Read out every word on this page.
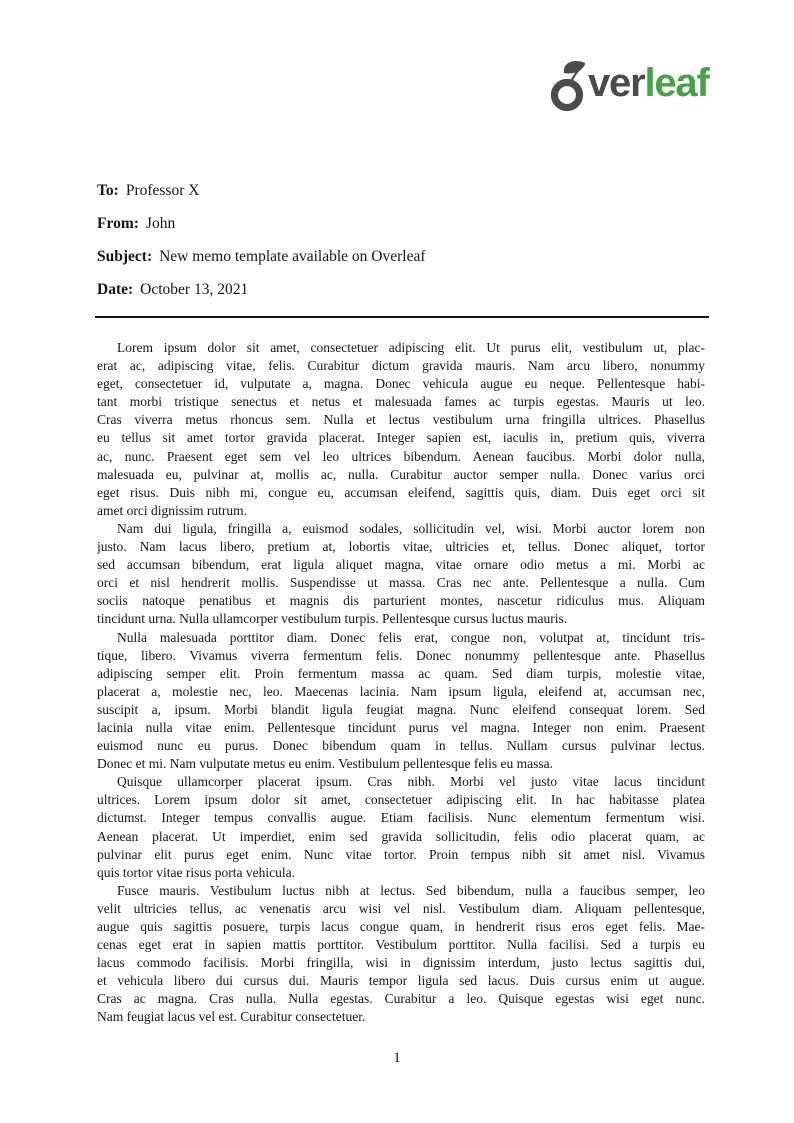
ver leaf
To: Professor X
From: John
Subject: New memo template available on Overleaf
Date: October 13, 2021
Lorem ipsum dolor sit amet, consectetuer adipiscing elit. Ut purus elit, vestibulum ut, plac-
erat ac, adipiscing vitae, felis. Curabitur dictum gravida mauris. Nam arcu libero, nonummy
eget, consectetuer id, vulputate a, magna. Donec vehicula augue eu neque. Pellentesque habi-
tant morbi tristique senectus et netus et malesuada fames ac turpis egestas. Mauris ut leo.
Cras viverra metus rhoncus sem. Nulla et lectus vestibulum urna fringilla ultrices. Phasellus
eu tellus sit amet tortor gravida placerat. Integer sapien est, iaculis in, pretium quis, viverra
ac, nunc. Praesent eget sem vel leo ultrices bibendum. Aenean faucibus. Morbi dolor nulla,
malesuada eu, pulvinar at, mollis ac, nulla. Curabitur auctor semper nulla. Donec varius orci
eget risus. Duis nibh mi, congue eu, accumsan eleifend, sagittis quis, diam. Duis eget orci sit
amet orci dignissim rutrum.
Nam dui ligula, fringilla a, euismod sodales, sollicitudin vel, wisi. Morbi auctor lorem non
justo. Nam lacus libero, pretium at, lobortis vitae, ultricies et, tellus. Donec aliquet, tortor
sed accumsan bibendum, erat ligula aliquet magna, vitae ornare odio metus a mi. Morbi ac
orci et nisl hendrerit mollis. Suspendisse ut massa. Cras nec ante. Pellentesque a nulla. Cum
sociis natoque penatibus et magnis dis parturient montes, nascetur ridiculus mus. Aliquam
tincidunt urna. Nulla ullamcorper vestibulum turpis. Pellentesque cursus luctus mauris.
Nulla malesuada porttitor diam. Donec felis erat, congue non, volutpat at, tincidunt tris-
tique, libero. Vivamus viverra fermentum felis. Donec nonummy pellentesque ante. Phasellus
adipiscing semper elit. Proin fermentum massa ac quam. Sed diam turpis, molestie vitae,
placerat a, molestie nec, leo. Maecenas lacinia. Nam ipsum ligula, eleifend at, accumsan nec,
suscipit a, ipsum. Morbi blandit ligula feugiat magna. Nunc eleifend consequat lorem. Sed
lacinia nulla vitae enim. Pellentesque tincidunt purus vel magna. Integer non enim. Praesent
euismod nunc eu purus. Donec bibendum quam in tellus. Nullam cursus pulvinar lectus.
Donec et mi. Nam vulputate metus eu enim. Vestibulum pellentesque felis eu massa.
Quisque ullamcorper placerat ipsum. Cras nibh. Morbi vel justo vitae lacus tincidunt
ultrices. Lorem ipsum dolor sit amet, consectetuer adipiscing elit. In hac habitasse platea
dictumst. Integer tempus convallis augue. Etiam facilisis. Nunc elementum fermentum wisi.
Aenean placerat. Ut imperdiet, enim sed gravida sollicitudin, felis odio placerat quam, ac
pulvinar elit purus eget enim. Nunc vitae tortor. Proin tempus nibh sit amet nisl. Vivamus
quis tortor vitae risus porta vehicula.
Fusce mauris. Vestibulum luctus nibh at lectus. Sed bibendum, nulla a faucibus semper, leo
velit ultricies tellus, ac venenatis arcu wisi vel nisl. Vestibulum diam. Aliquam pellentesque,
augue quis sagittis posuere, turpis lacus congue quam, in hendrerit risus eros eget felis. Mae-
cenas eget erat in sapien mattis porttitor. Vestibulum porttitor. Nulla facilisi. Sed a turpis eu
lacus commodo facilisis. Morbi fringilla, wisi in dignissim interdum, justo lectus sagittis dui,
et vehicula libero dui cursus dui. Mauris tempor ligula sed lacus. Duis cursus enim ut augue.
Cras ac magna. Cras nulla. Nulla egestas. Curabitur a leo. Quisque egestas wisi eget nunc.
Nam feugiat lacus vel est. Curabitur consectetuer.
1
